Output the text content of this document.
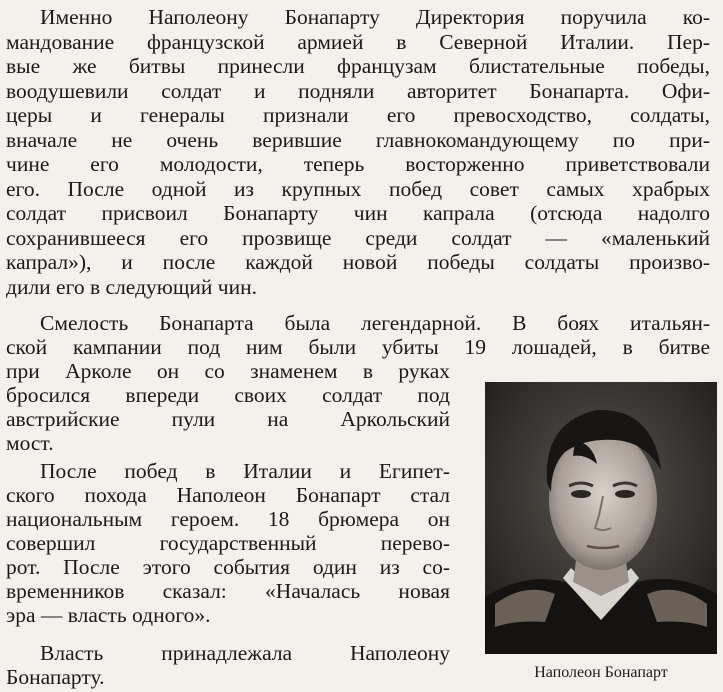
Именно Наполеону Бонапарту Директория поручила ко-
мандование французской армией в Северной Италии. Пер-
вые же битвы принесли французам блистательные победы,
воодушевили солдат и подняли авторитет Бонапарта. Офи-
церы и генералы признали его превосходство, солдаты,
вначале не очень верившие главнокомандующему по при-
чине его молодости, теперь восторженно приветствовали
его. После одной из крупных побед совет самых храбрых
солдат присвоил Бонапарту чин капрала (отсюда надолго
сохранившееся его прозвище среди солдат — «маленький
капрал»), и после каждой новой победы солдаты произво-
дили его в следующий чин.
Смелость Бонапарта была легендарной. В боях итальян-
ской кампании под ним были убиты 19 лошадей, в битве
при Арколе он со знаменем в руках
бросился впереди своих солдат под
австрийские пули на Аркольский
мост.
После побед в Италии и Египет-
ского похода Наполеон Бонапарт стал
национальным героем. 18 брюмера он
совершил государственный перево-
рот. После этого события один из со-
временников сказал: «Началась новая
эра — власть одного».
Власть принадлежала Наполеону
Бонапарту.	Наполеон Бонапарт
